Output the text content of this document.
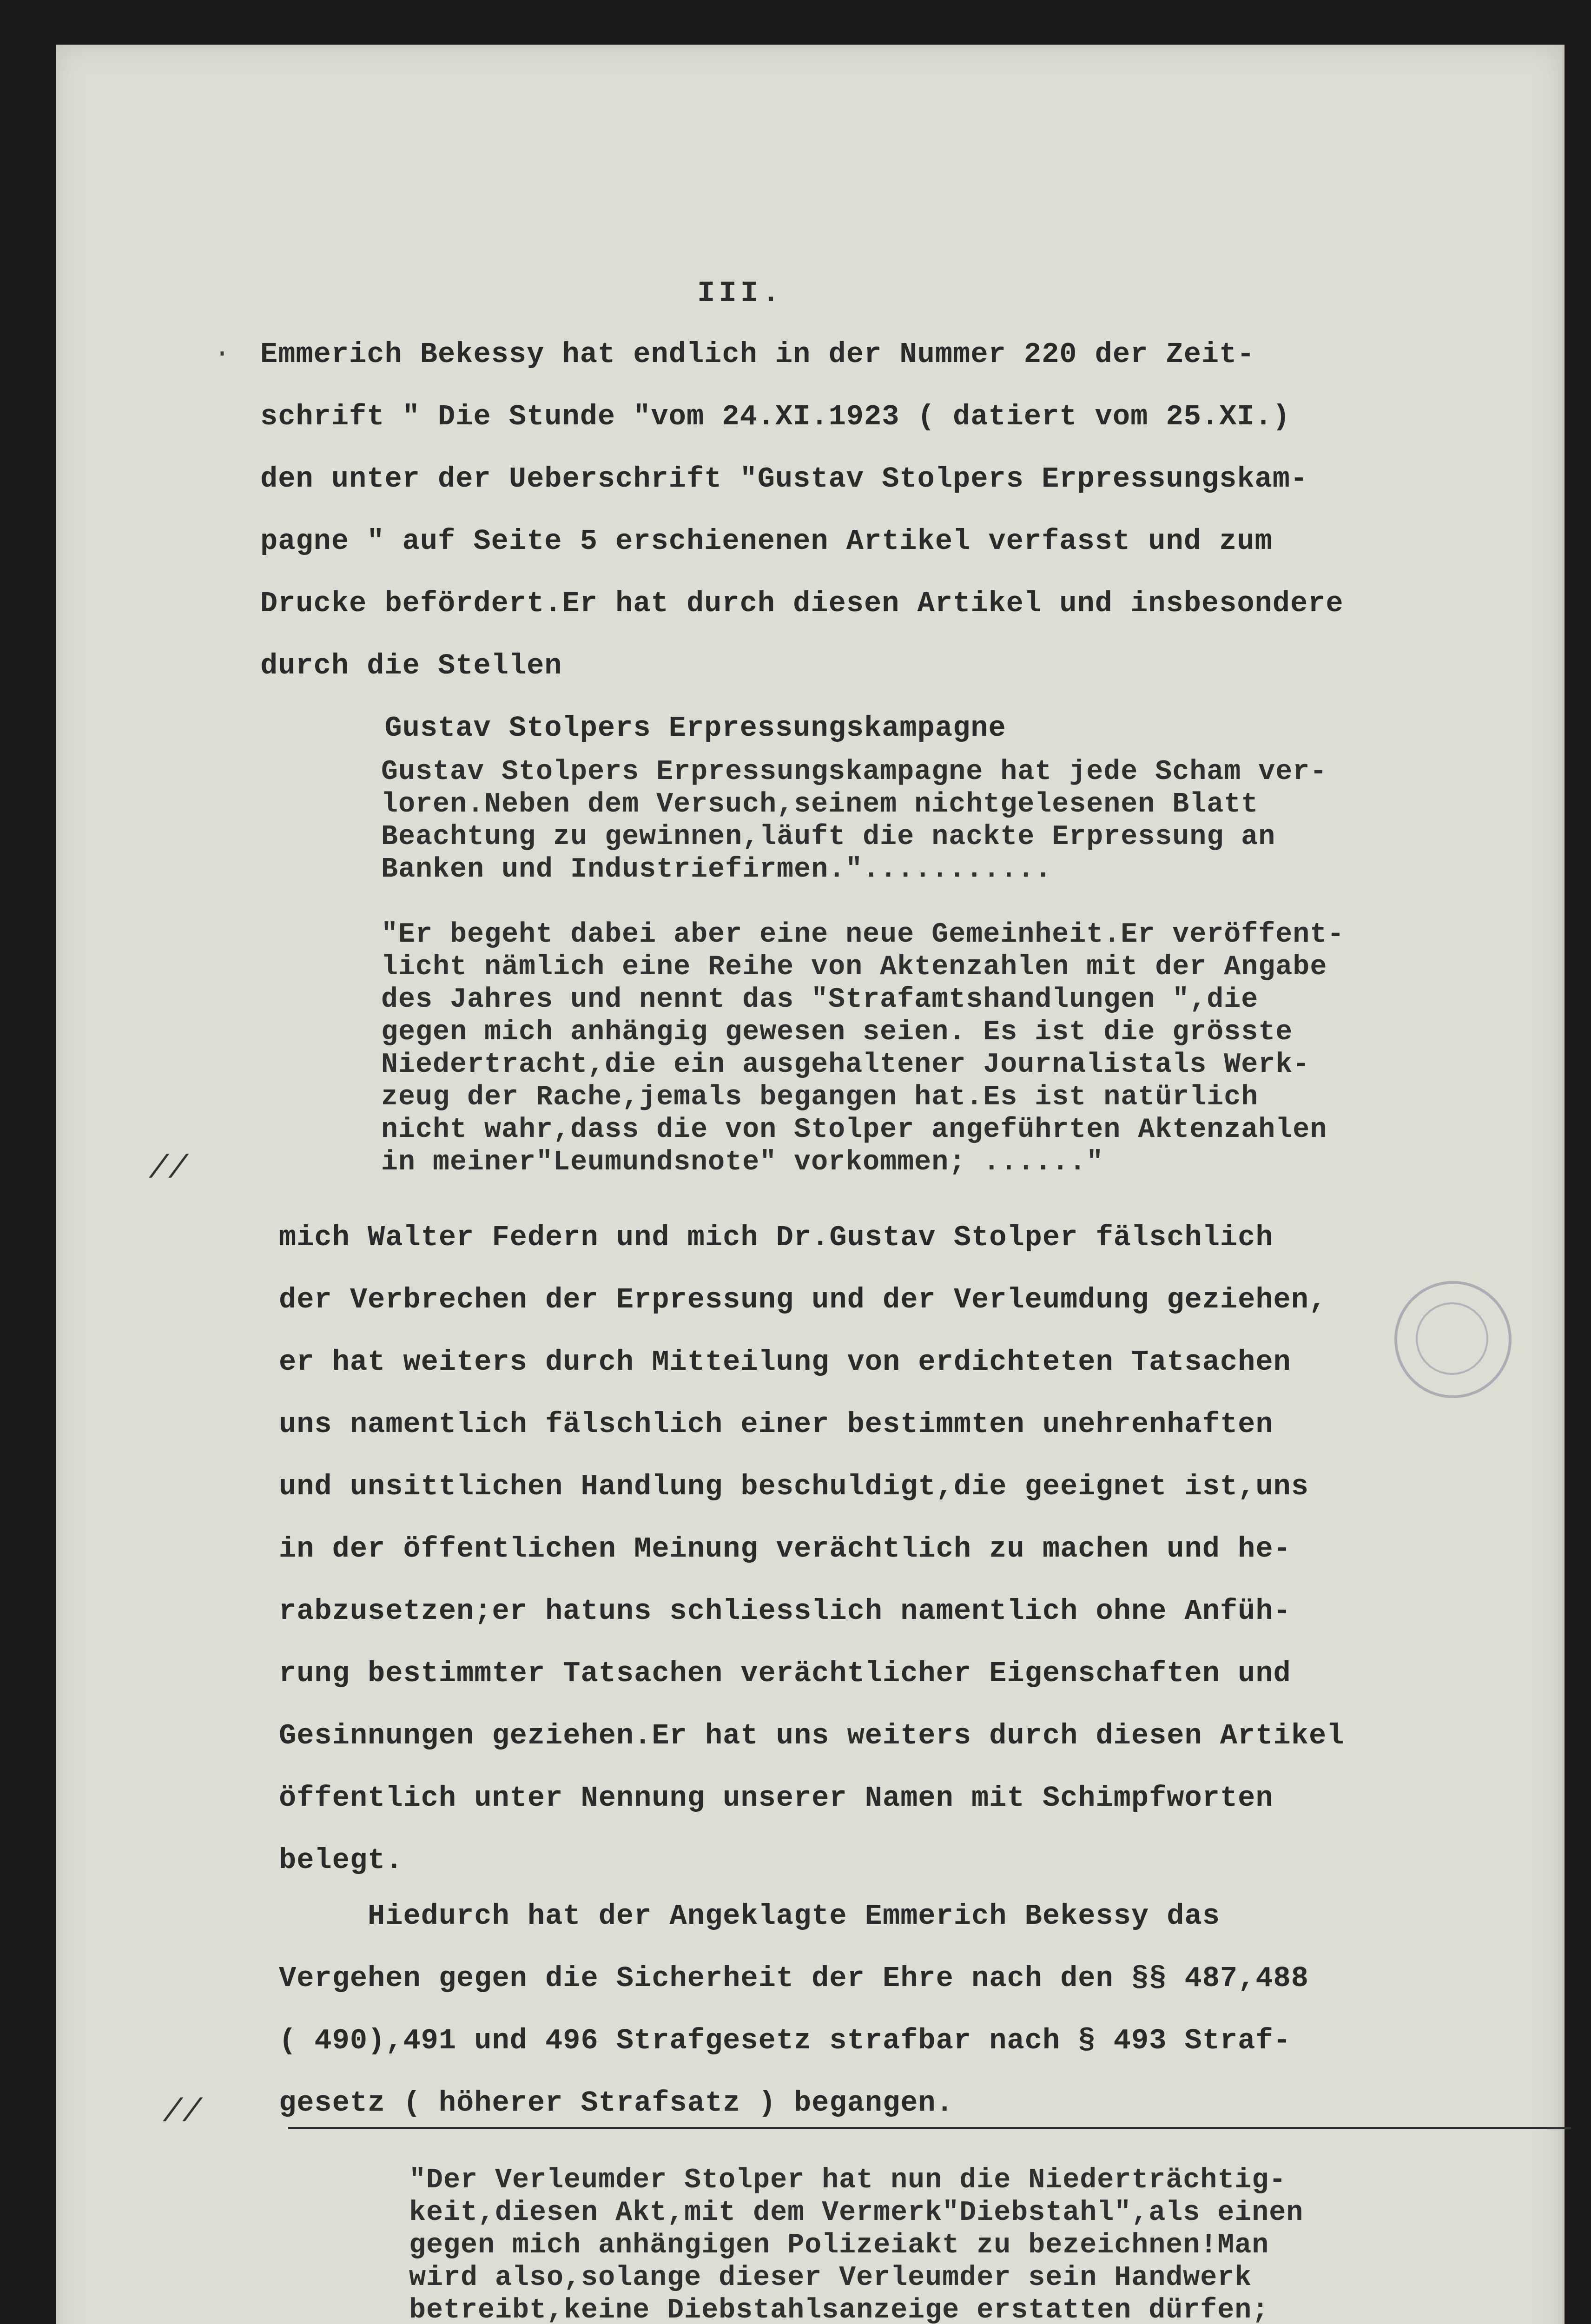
III.
. Emmerich Bekessy hat endlich in der Nummer 220 der Zeit-
schrift " Die Stunde "vom 24.XI.1923 ( datiert vom 25.XI.)
den unter der Ueberschrift "Gustav Stolpers Erpressungskam-
pagne " auf Seite 5 erschienenen Artikel verfasst und zum
Drucke befördert.Er hat durch diesen Artikel und insbesondere
durch die Stellen
Gustav Stolpers Erpressungskampagne
Gustav Stolpers Erpressungskampagne hat jede Scham ver-
loren.Neben dem Versuch,seinem nichtgelesenen Blatt
Beachtung zu gewinnen,läuft die nackte Erpressung an
Banken und Industriefirmen."...........
"Er begeht dabei aber eine neue Gemeinheit.Er veröffent-
licht nämlich eine Reihe von Aktenzahlen mit der Angabe
des Jahres und nennt das "Strafamtshandlungen ",die
gegen mich anhängig gewesen seien. Es ist die grösste
Niedertracht,die ein ausgehaltener Journalistals Werk-
zeug der Rache,jemals begangen hat.Es ist natürlich
nicht wahr,dass die von Stolper angeführten Aktenzahlen
in meiner"Leumundsnote" vorkommen; ......"
//
mich Walter Federn und mich Dr.Gustav Stolper fälschlich
der Verbrechen der Erpressung und der Verleumdung geziehen,
er hat weiters durch Mitteilung von erdichteten Tatsachen
uns namentlich fälschlich einer bestimmten unehrenhaften
und unsittlichen Handlung beschuldigt,die geeignet ist,uns
in der öffentlichen Meinung verächtlich zu machen und he-
rabzusetzen;er hatuns schliesslich namentlich ohne Anfüh-
rung bestimmter Tatsachen verächtlicher Eigenschaften und
Gesinnungen geziehen.Er hat uns weiters durch diesen Artikel
öffentlich unter Nennung unserer Namen mit Schimpfworten
belegt.
Hiedurch hat der Angeklagte Emmerich Bekessy das
Vergehen gegen die Sicherheit der Ehre nach den §§ 487,488
( 490),491 und 496 Strafgesetz strafbar nach § 493 Straf-
gesetz ( höherer Strafsatz ) begangen.
//
"Der Verleumder Stolper hat nun die Niederträchtig-
keit,diesen Akt,mit dem Vermerk"Diebstahl",als einen
gegen mich anhängigen Polizeiakt zu bezeichnen!Man
wird also,solange dieser Verleumder sein Handwerk
betreibt,keine Diebstahlsanzeige erstatten dürfen;
